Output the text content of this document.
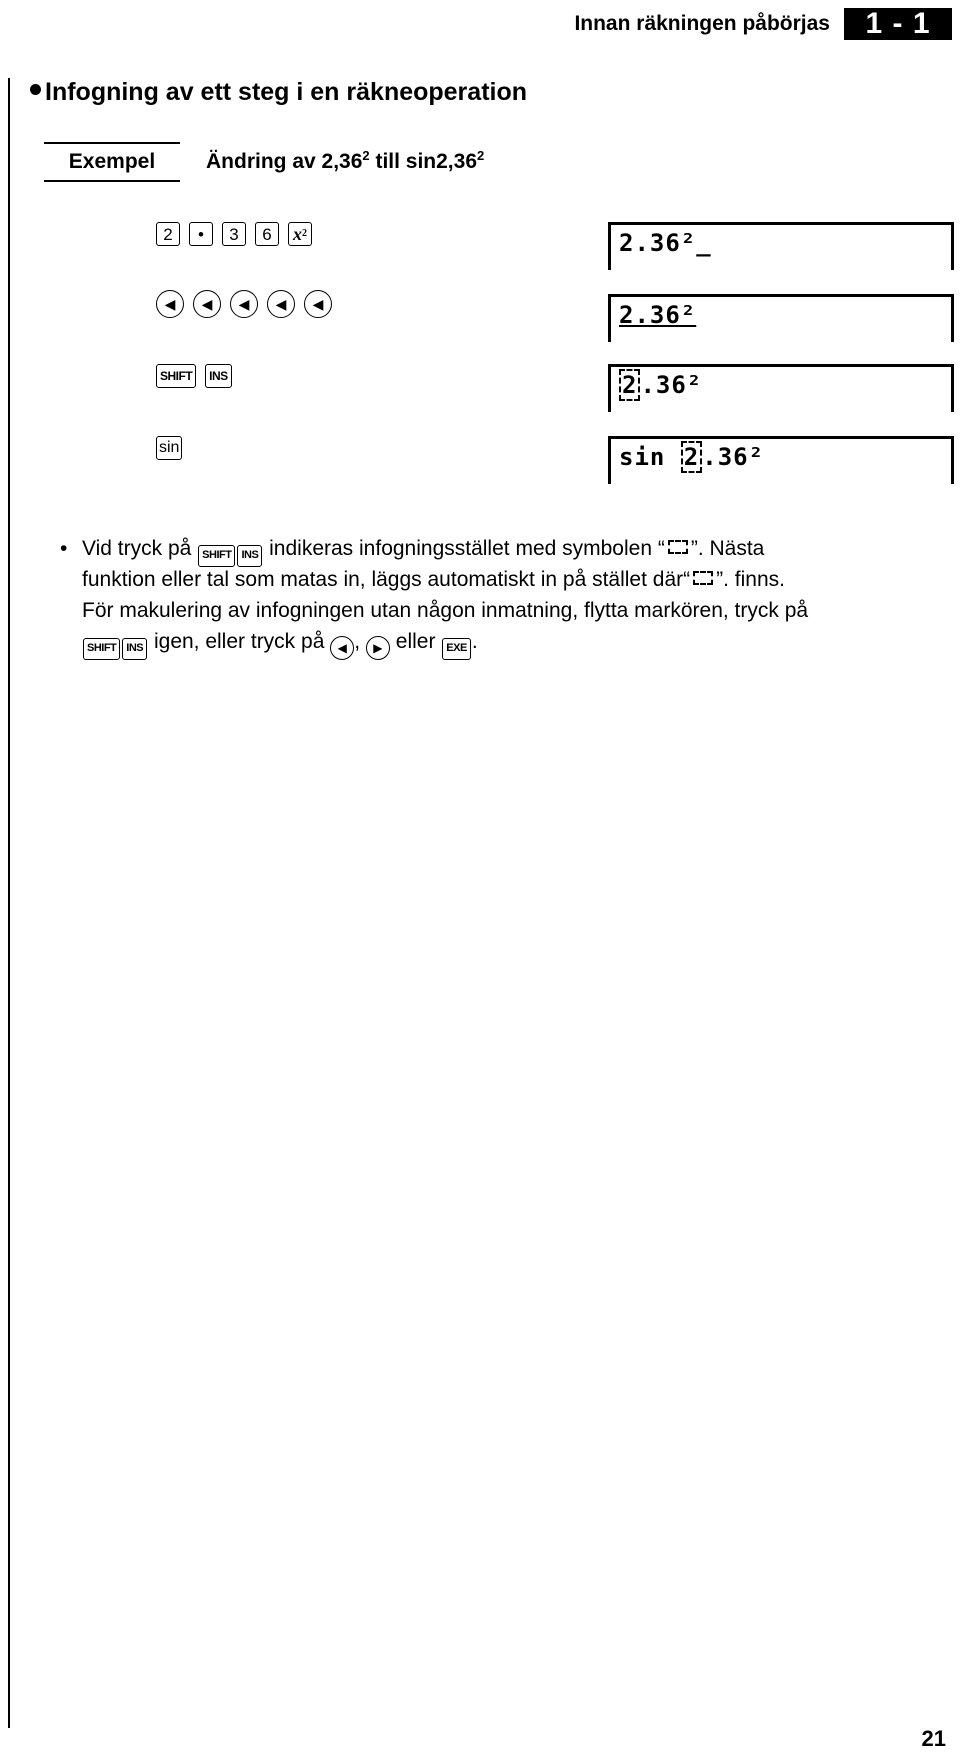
Innan räkningen påbörjas	1 - 1
Infogning av ett steg i en räkneoperation
Exempel	Ändring av 2,36$^2$ till sin2,36$^2$
2	•	3	6	x 2	2.36²_
◀	◀	◀	◀	◀	2.36²
SHIFT	INS	2 .36²
sin	sin 2 .36²
• Vid tryck på SHIFT INS indikeras infogningsstället med symbolen “ ”. Nästa
funktion eller tal som matas in, läggs automatiskt in på stället där“ ”. finns.
För makulering av infogningen utan någon inmatning, flytta markören, tryck på
SHIFT INS igen, eller tryck på ◀ , ▶ eller EXE .
21
